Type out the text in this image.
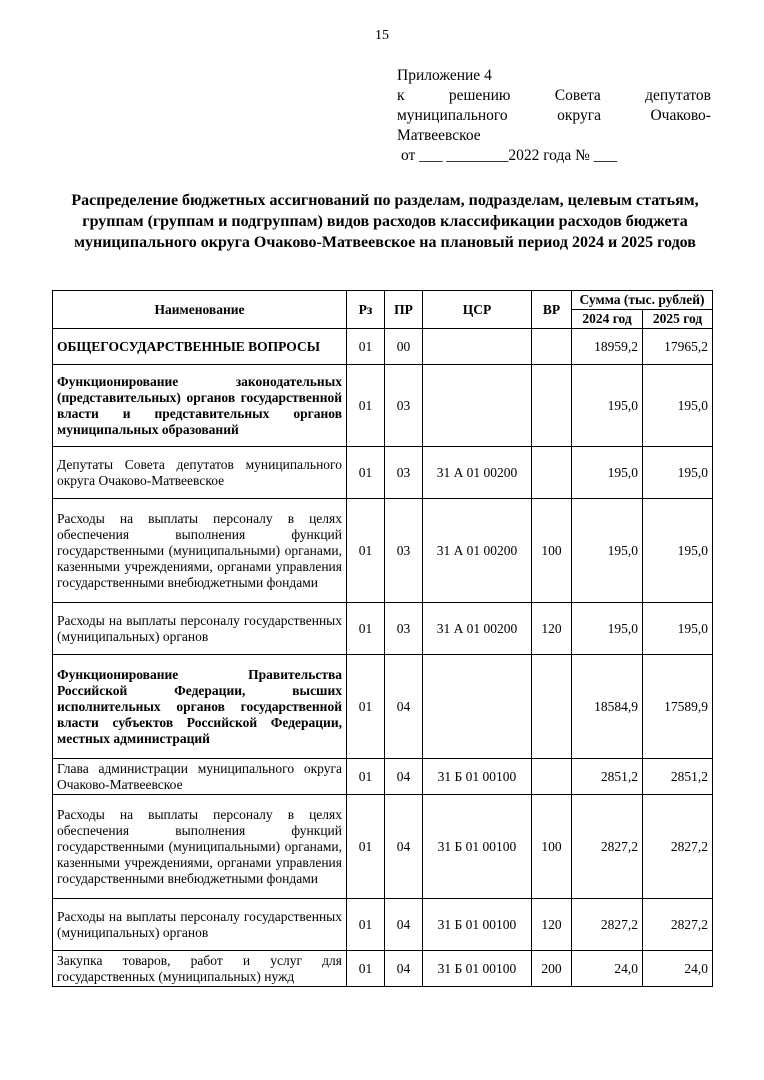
15
Приложение 4
к	решению	Совета	депутатов
муниципального	округа	Очаково-
Матвеевское
от ___ ________2022 года № ___
Распределение бюджетных ассигнований по разделам, подразделам, целевым статьям, группам (группам и подгруппам) видов расходов классификации расходов бюджета муниципального округа Очаково-Матвеевское на плановый период 2024 и 2025 годов
Наименование	Рз	ПР	ЦСР	ВР	Сумма (тыс. рублей)	
					2024 год	2025 год
ОБЩЕГОСУДАРСТВЕННЫЕ ВОПРОСЫ	01	00			18959,2	17965,2
Функционирование законодательных (представительных) органов государственной власти и представительных органов муниципальных образований	01	03			195,0	195,0
Депутаты Совета депутатов муниципального округа Очаково-Матвеевское	01	03	31 А 01 00200		195,0	195,0
Расходы на выплаты персоналу в целях обеспечения выполнения функций государственными (муниципальными) органами, казенными учреждениями, органами управления государственными внебюджетными фондами	01	03	31 А 01 00200	100	195,0	195,0
Расходы на выплаты персоналу государственных (муниципальных) органов	01	03	31 А 01 00200	120	195,0	195,0
Функционирование Правительства Российской Федерации, высших исполнительных органов государственной власти субъектов Российской Федерации, местных администраций	01	04			18584,9	17589,9
Глава администрации муниципального округа Очаково-Матвеевское	01	04	31 Б 01 00100		2851,2	2851,2
Расходы на выплаты персоналу в целях обеспечения выполнения функций государственными (муниципальными) органами, казенными учреждениями, органами управления государственными внебюджетными фондами	01	04	31 Б 01 00100	100	2827,2	2827,2
Расходы на выплаты персоналу государственных (муниципальных) органов	01	04	31 Б 01 00100	120	2827,2	2827,2
Закупка товаров, работ и услуг для государственных (муниципальных) нужд	01	04	31 Б 01 00100	200	24,0	24,0
